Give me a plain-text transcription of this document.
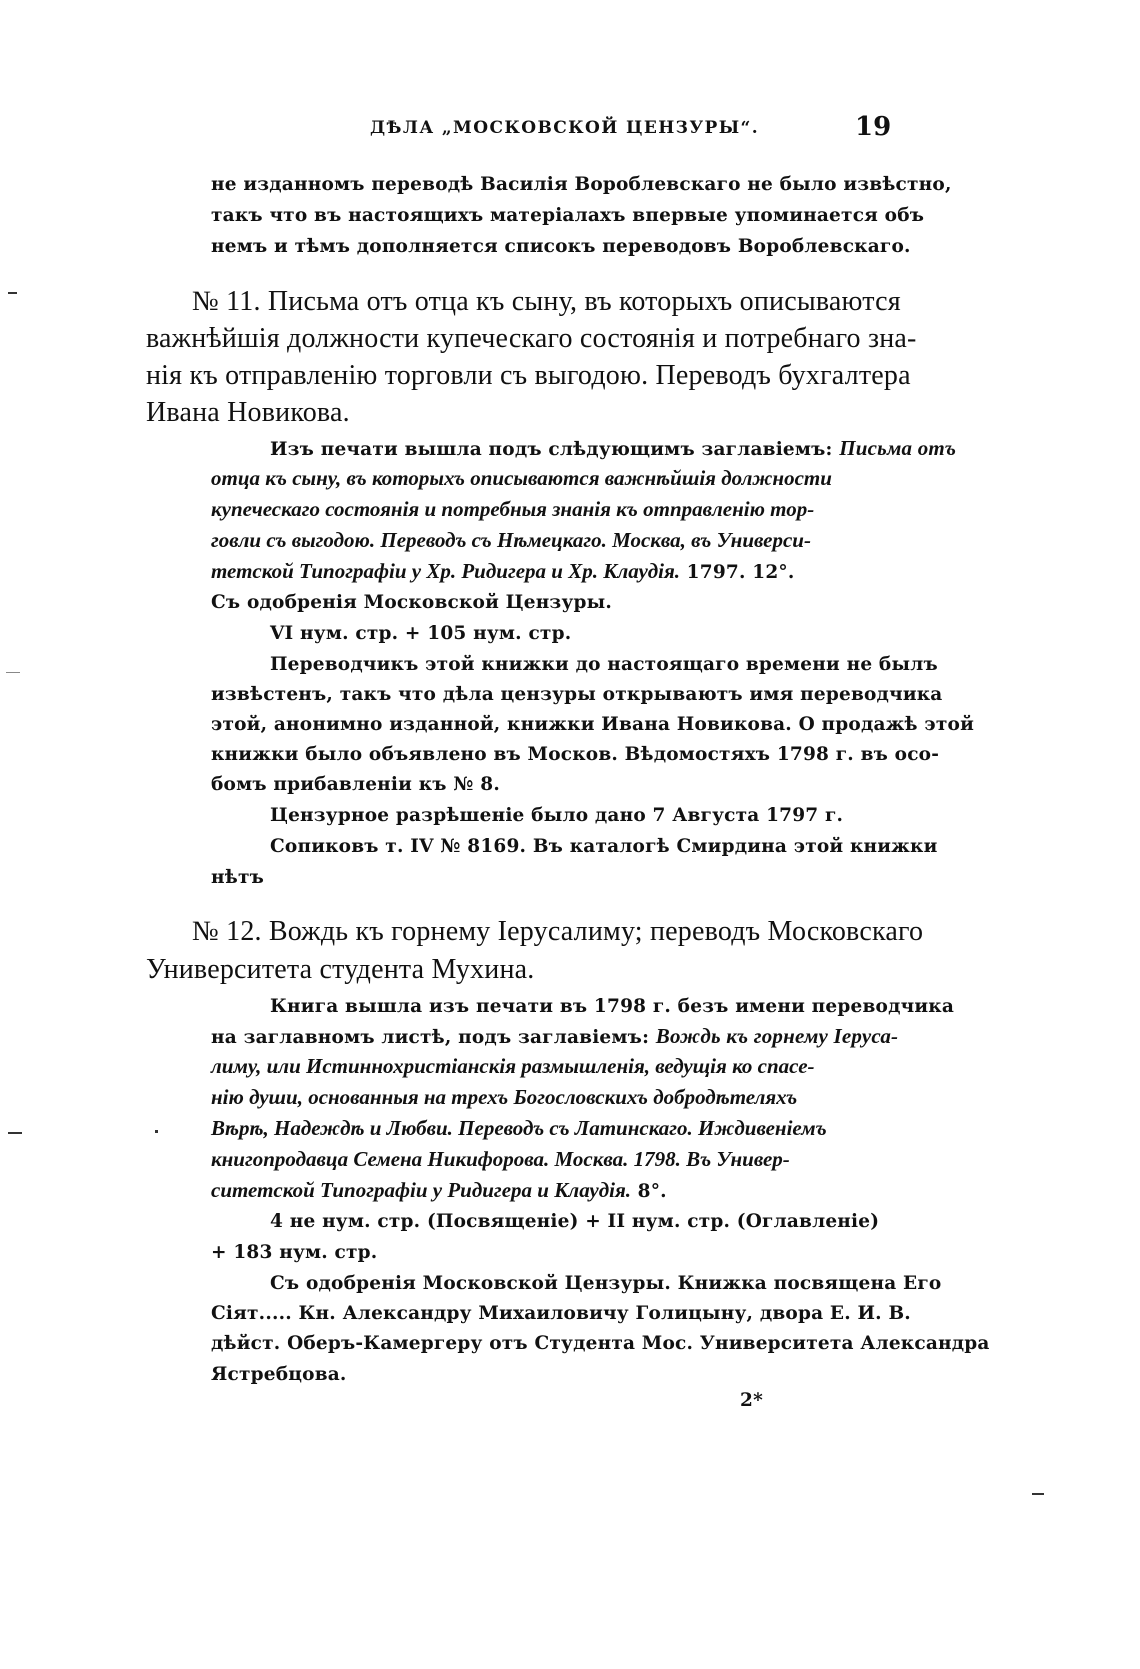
ДѢЛА „МОСКОВСКОЙ ЦЕНЗУРЫ“.	19
не изданномъ переводѣ Василія Вороблевскаго не было извѣстно,
такъ что въ настоящихъ матеріалахъ впервые упоминается объ
немъ и тѣмъ дополняется списокъ переводовъ Вороблевскаго.
№ 11. Письма отъ отца къ сыну, въ которыхъ описываются
важнѣйшія должности купеческаго состоянія и потребнаго зна-
нія къ отправленію торговли съ выгодою. Переводъ бухгалтера
Ивана Новикова.
Изъ печати вышла подъ слѣдующимъ заглавіемъ: Письма отъ
отца къ сыну, въ которыхъ описываются важнѣйшія должности
купеческаго состоянія и потребныя знанія къ отправленію тор-
говли съ выгодою. Переводъ съ Нѣмецкаго. Москва, въ Универси-
тетской Типографіи у Хр. Ридигера и Хр. Клаудія. 1797. 12°.
Съ одобренія Московской Цензуры.
VI нум. стр. + 105 нум. стр.
Переводчикъ этой книжки до настоящаго времени не былъ
извѣстенъ, такъ что дѣла цензуры открываютъ имя переводчика
этой, анонимно изданной, книжки Ивана Новикова. О продажѣ этой
книжки было объявлено въ Москов. Вѣдомостяхъ 1798 г. въ осо-
бомъ прибавленіи къ № 8.
Цензурное разрѣшеніе было дано 7 Августа 1797 г.
Сопиковъ т. IV № 8169. Въ каталогѣ Смирдина этой книжки
нѣтъ
№ 12. Вождь къ горнему Іерусалиму; переводъ Московскаго
Университета студента Мухина.
Книга вышла изъ печати въ 1798 г. безъ имени переводчика
на заглавномъ листѣ, подъ заглавіемъ: Вождь къ горнему Іеруса-
лиму, или Истиннохристіанскія размышленія, ведущія ко спасе-
нію души, основанныя на трехъ Богословскихъ добродѣтеляхъ
Вѣрѣ, Надеждѣ и Любви. Переводъ съ Латинскаго. Иждивеніемъ
книгопродавца Семена Никифорова. Москва. 1798. Въ Универ-
ситетской Типографіи у Ридигера и Клаудія. 8°.
4 не нум. стр. (Посвященіе) + II нум. стр. (Оглавленіе)
+ 183 нум. стр.
Съ одобренія Московской Цензуры. Книжка посвящена Его
Сіят..... Кн. Александру Михаиловичу Голицыну, двора Е. И. В.
дѣйст. Оберъ-Камергеру отъ Студента Мос. Университета Александра
Ястребцова.
2*
